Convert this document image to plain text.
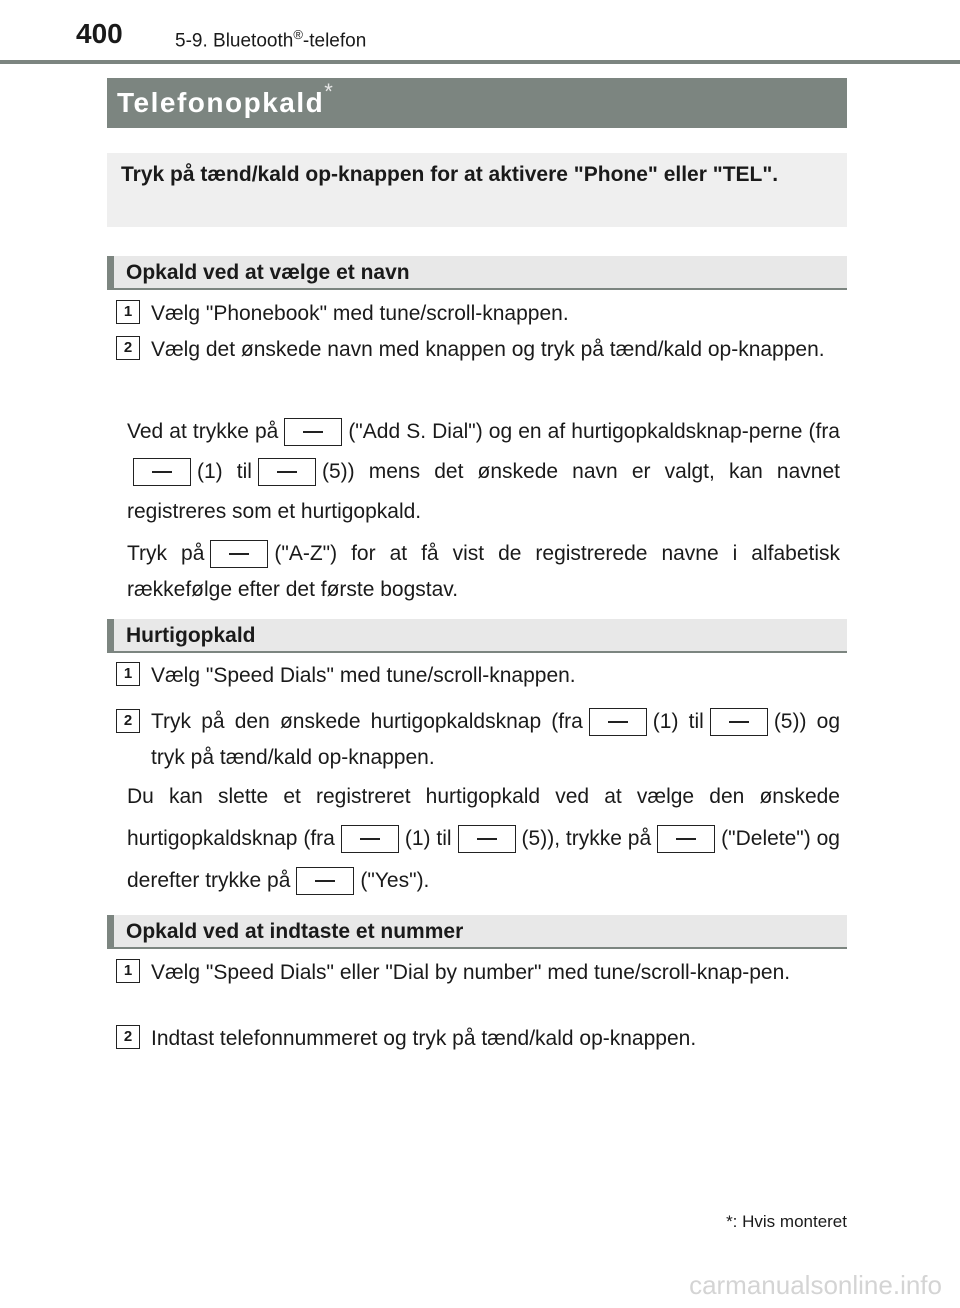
400	5-9. Bluetooth®-telefon
Telefonopkald*
Tryk på tænd/kald op-knappen for at aktivere "Phone" eller "TEL".
Opkald ved at vælge et navn
1 Vælg "Phonebook" med tune/scroll-knappen.
2 Vælg det ønskede navn med knappen og tryk på tænd/kald op-knappen.
Ved at trykke på	("Add S. Dial") og en af hurtigopkaldsknap-perne (fra(1) til	(5)) mens det ønskede navn er valgt, kan navnet registreres som et hurtigopkald.
Tryk på	("A-Z") for at få vist de registrerede navne i alfabetisk rækkefølge efter det første bogstav.
Hurtigopkald
1 Vælg "Speed Dials" med tune/scroll-knappen.
2 Tryk på den ønskede hurtigopkaldsknap (fra	(1) til	(5)) og tryk på tænd/kald op-knappen.
Du kan slette et registreret hurtigopkald ved at vælge den ønskede hurtigopkaldsknap (fra	(1) til	(5)), trykke på	("Delete") og derefter trykke på	("Yes").
Opkald ved at indtaste et nummer
1 Vælg "Speed Dials" eller "Dial by number" med tune/scroll-knap-pen.
2 Indtast telefonnummeret og tryk på tænd/kald op-knappen.
*: Hvis monteret
carmanualsonline.info
